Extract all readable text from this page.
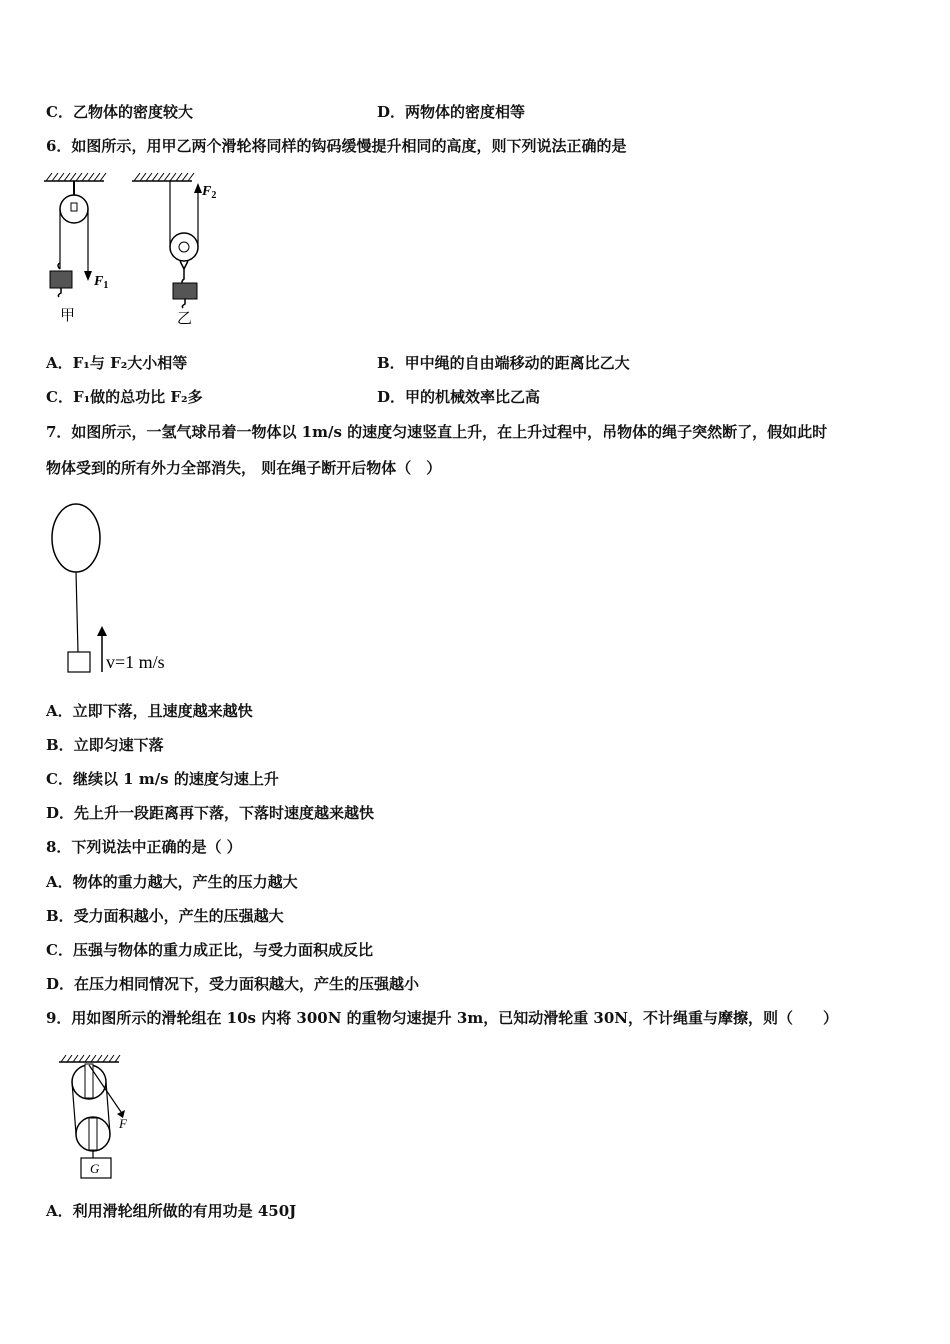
C．乙物体的密度较大	D．两物体的密度相等
6．如图所示，用甲乙两个滑轮将同样的钩码缓慢提升相同的高度，则下列说法正确的是
$F_1$
甲
$F_2$
乙
A．F₁与 F₂大小相等	B．甲中绳的自由端移动的距离比乙大
C．F₁做的总功比 F₂多	D．甲的机械效率比乙高
7．如图所示，一氢气球吊着一物体以 1m/s 的速度匀速竖直上升，在上升过程中，吊物体的绳子突然断了，假如此时
物体受到的所有外力全部消失， 则在绳子断开后物体（　）
v=1 m/s
A．立即下落，且速度越来越快
B．立即匀速下落
C．继续以 1 m/s 的速度匀速上升
D．先上升一段距离再下落，下落时速度越来越快
8．下列说法中正确的是（ ）
A．物体的重力越大，产生的压力越大
B．受力面积越小，产生的压强越大
C．压强与物体的重力成正比，与受力面积成反比
D．在压力相同情况下，受力面积越大，产生的压强越小
9．用如图所示的滑轮组在 10s 内将 300N 的重物匀速提升 3m，已知动滑轮重 30N，不计绳重与摩擦，则（　　）
F
G
A．利用滑轮组所做的有用功是 450J
